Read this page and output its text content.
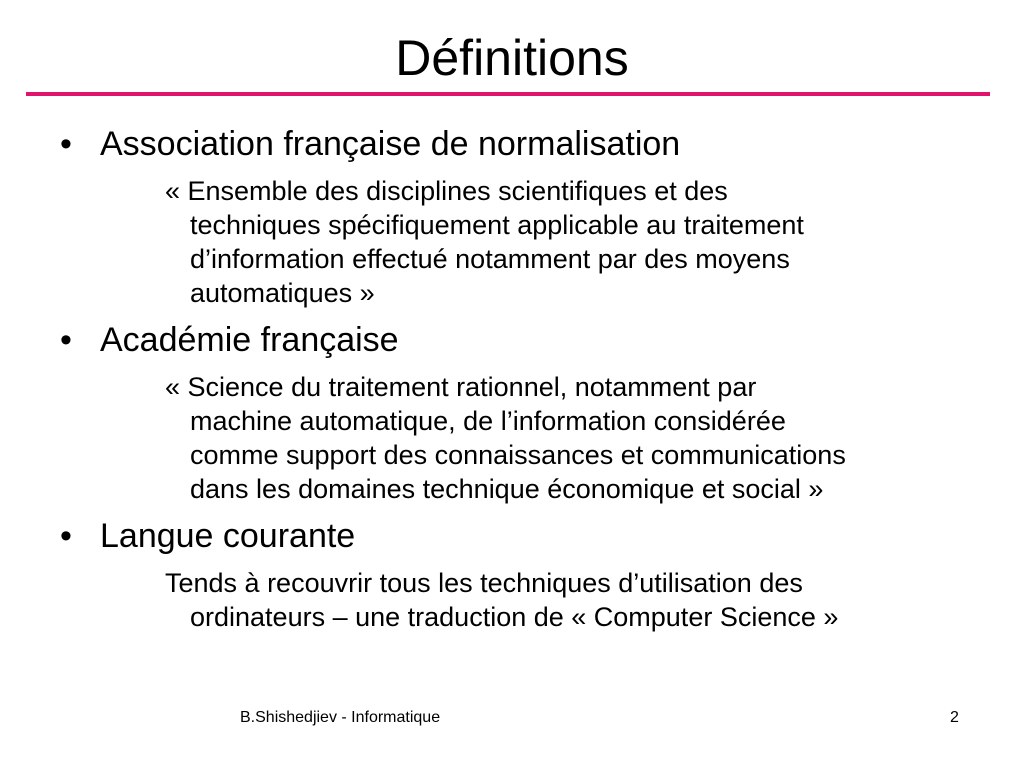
Définitions
• Association française de normalisation
« Ensemble des disciplines scientifiques et des
techniques spécifiquement applicable au traitement
d’information effectué notamment par des moyens
automatiques »
• Académie française
« Science du traitement rationnel, notamment par
machine automatique, de l’information considérée
comme support des connaissances et communications
dans les domaines technique économique et social »
• Langue courante
Tends à recouvrir tous les techniques d’utilisation des
ordinateurs – une traduction de « Computer Science »
B.Shishedjiev - Informatique	2
